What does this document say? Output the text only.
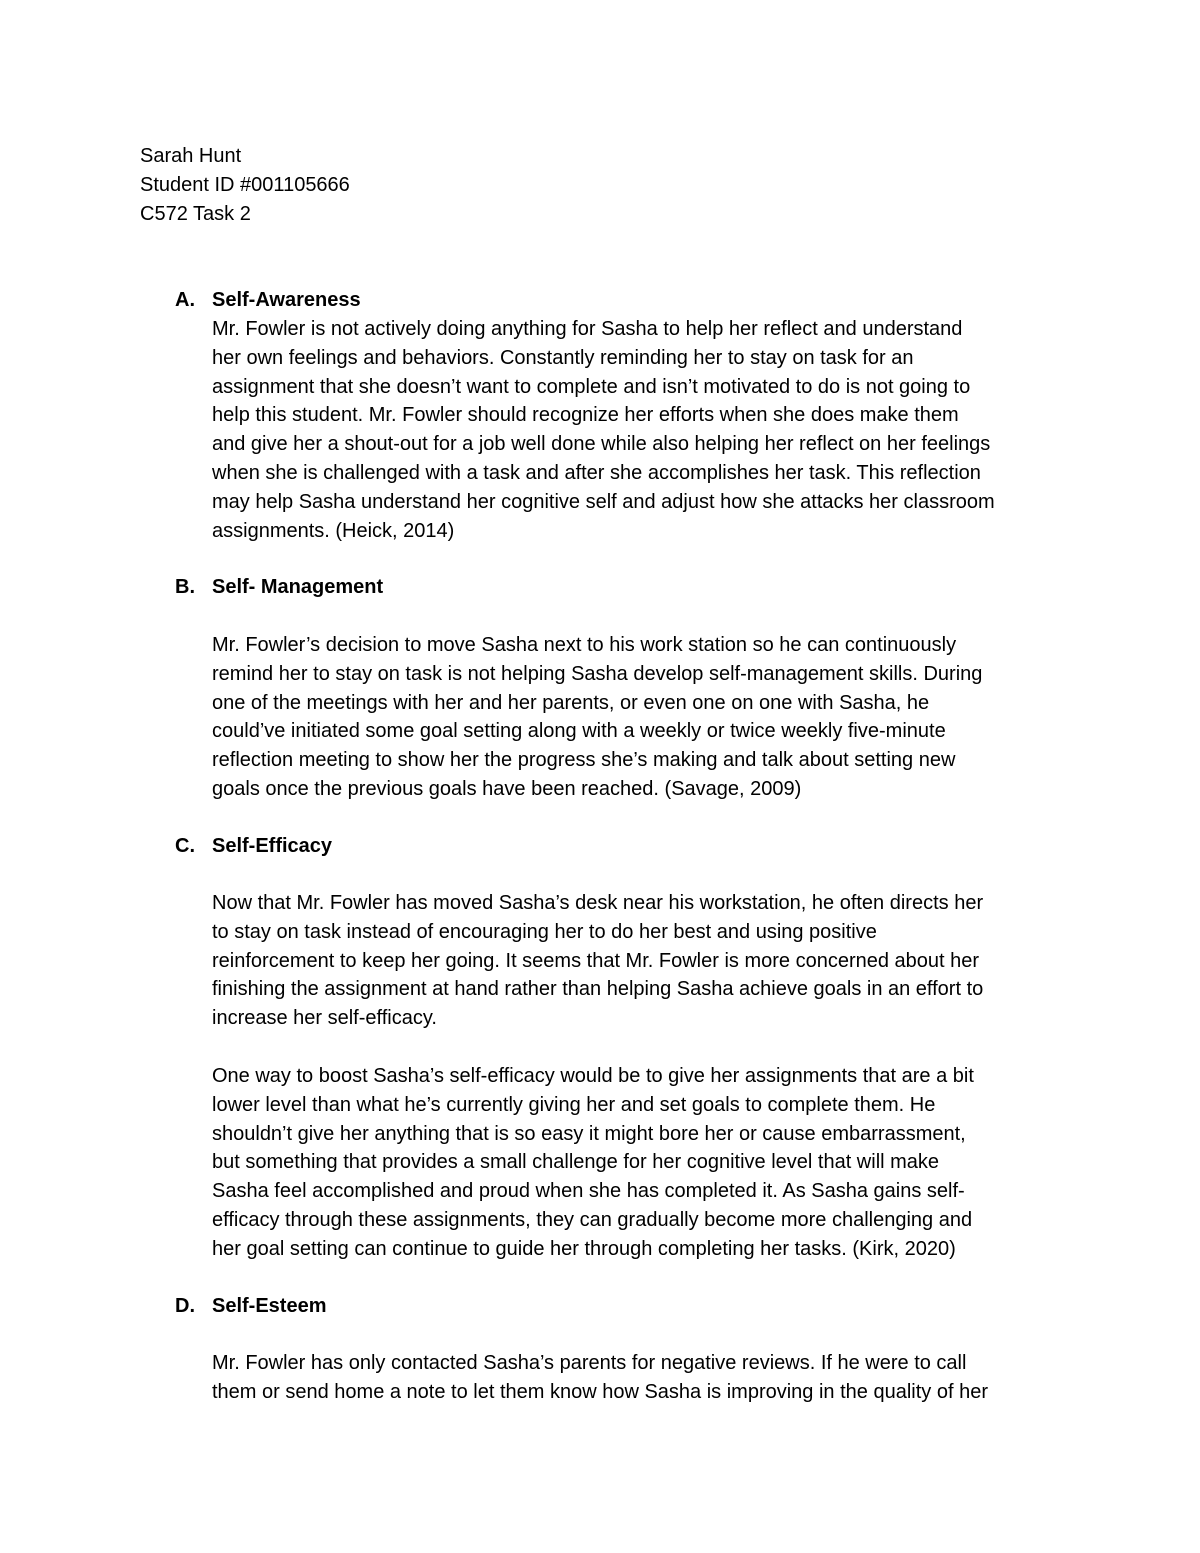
Sarah Hunt
Student ID #001105666
C572 Task 2
A. Self-Awareness
Mr. Fowler is not actively doing anything for Sasha to help her reflect and understand
her own feelings and behaviors. Constantly reminding her to stay on task for an
assignment that she doesn’t want to complete and isn’t motivated to do is not going to
help this student. Mr. Fowler should recognize her efforts when she does make them
and give her a shout-out for a job well done while also helping her reflect on her feelings
when she is challenged with a task and after she accomplishes her task. This reflection
may help Sasha understand her cognitive self and adjust how she attacks her classroom
assignments. (Heick, 2014)
B. Self- Management
Mr. Fowler’s decision to move Sasha next to his work station so he can continuously
remind her to stay on task is not helping Sasha develop self-management skills. During
one of the meetings with her and her parents, or even one on one with Sasha, he
could’ve initiated some goal setting along with a weekly or twice weekly five-minute
reflection meeting to show her the progress she’s making and talk about setting new
goals once the previous goals have been reached. (Savage, 2009)
C. Self-Efficacy
Now that Mr. Fowler has moved Sasha’s desk near his workstation, he often directs her
to stay on task instead of encouraging her to do her best and using positive
reinforcement to keep her going. It seems that Mr. Fowler is more concerned about her
finishing the assignment at hand rather than helping Sasha achieve goals in an effort to
increase her self-efficacy.
One way to boost Sasha’s self-efficacy would be to give her assignments that are a bit
lower level than what he’s currently giving her and set goals to complete them. He
shouldn’t give her anything that is so easy it might bore her or cause embarrassment,
but something that provides a small challenge for her cognitive level that will make
Sasha feel accomplished and proud when she has completed it. As Sasha gains self-
efficacy through these assignments, they can gradually become more challenging and
her goal setting can continue to guide her through completing her tasks. (Kirk, 2020)
D. Self-Esteem
Mr. Fowler has only contacted Sasha’s parents for negative reviews. If he were to call
them or send home a note to let them know how Sasha is improving in the quality of her
